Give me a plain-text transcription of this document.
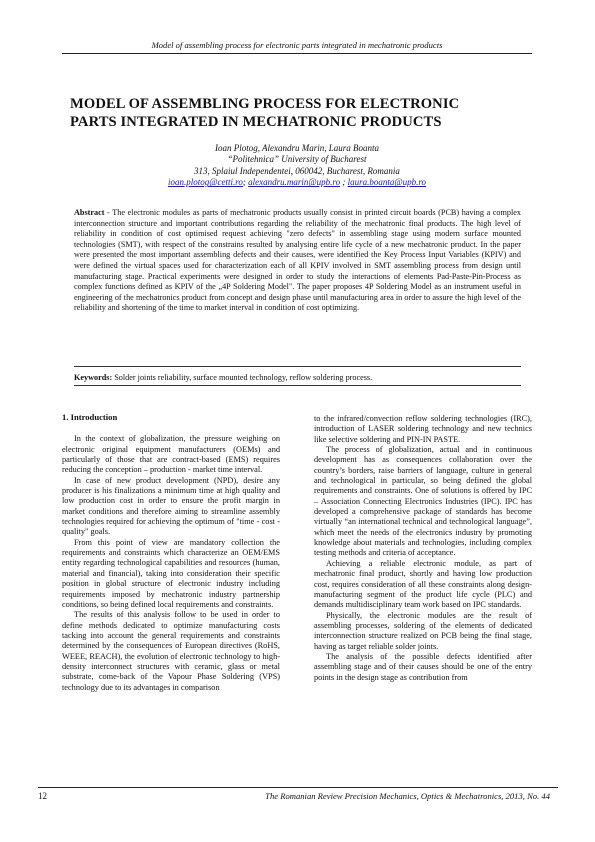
Model of assembling process for electronic parts integrated in mechatronic products
MODEL OF ASSEMBLING PROCESS FOR ELECTRONIC
PARTS INTEGRATED IN MECHATRONIC PRODUCTS
Ioan Plotog, Alexandru Marin, Laura Boanta
“Politehnica” University of Bucharest
313, Splaiul Independentei, 060042, Bucharest, Romania
ioan.plotog@cetti.ro; alexandru.marin@upb.ro ; laura.boanta@upb.ro

Abstract - The electronic modules as parts of mechatronic products usually consist in printed circuit boards (PCB) having a complex interconnection structure and important contributions regarding the reliability of the mechatronic final products. The high level of reliability in condition of cost optimised request achieving "zero defects" in assembling stage using modern surface mounted technologies (SMT), with respect of the constrains resulted by analysing entire life cycle of a new mechatronic product. In the paper were presented the most important assembling defects and their causes, were identified the Key Process Input Variables (KPIV) and were defined the virtual spaces used for characterization each of all KPIV involved in SMT assembling process from design until manufacturing stage. Practical experiments were designed in order to study the interactions of elements Pad-Paste-Pin-Process as complex functions defined as KPIV of the „4P Soldering Model". The paper proposes 4P Soldering Model as an instrument useful in engineering of the mechatronics product from concept and design phase until manufacturing area in order to assure the high level of the reliability and shortening of the time to market interval in condition of cost optimizing.

Keywords: Solder joints reliability, surface mounted technology, reflow soldering process.
1. Introduction

In the context of globalization, the pressure weighing on electronic original equipment manufacturers (OEMs) and particularly of those that are contract-based (EMS) requires reducing the conception – production - market time interval.

In case of new product development (NPD), desire any producer is his finalizations a minimum time at high quality and low production cost in order to ensure the profit margin in market conditions and therefore aiming to streamline assembly technologies required for achieving the optimum of "time - cost - quality" goals.

From this point of view are mandatory collection the requirements and constraints which characterize an OEM/EMS entity regarding technological capabilities and resources (human, material and financial), taking into consideration their specific position in global structure of electronic industry including requirements imposed by mechatronic industry partnership conditions, so being defined local requirements and constraints.

The results of this analysis follow to be used in order to define methods dedicated to optimize manufacturing costs tacking into account the general requirements and constraints determined by the consequences of European directives (RoHS, WEEE, REACH), the evolution of electronic technology to high-density interconnect structures with ceramic, glass or metal substrate, come-back of the Vapour Phase Soldering (VPS) technology due to its advantages in comparison

to the infrared/convection reflow soldering technologies (IRC), introduction of LASER soldering technology and new technics like selective soldering and PIN-IN PASTE.

The process of globalization, actual and in continuous development has as consequences collaboration over the country’s borders, raise barriers of language, culture in general and technological in particular, so being defined the global requirements and constraints. One of solutions is offered by IPC – Association Connecting Electronics Industries (IPC). IPC has developed a comprehensive package of standards has become virtually “an international technical and technological language”, which meet the needs of the electronics industry by promoting knowledge about materials and technologies, including complex testing methods and criteria of acceptance.

Achieving a reliable electronic module, as part of mechatronic final product, shortly and having low production cost, requires consideration of all these constraints along design-manufacturing segment of the product life cycle (PLC) and demands multidisciplinary team work based on IPC standards.

Physically, the electronic modules are the result of assembling processes, soldering of the elements of dedicated interconnection structure realized on PCB being the final stage, having as target reliable solder joints.

The analysis of the possible defects identified after assembling stage and of their causes should be one of the entry points in the design stage as contribution from

12	The Romanian Review Precision Mechanics, Optics & Mechatronics, 2013, No. 44
